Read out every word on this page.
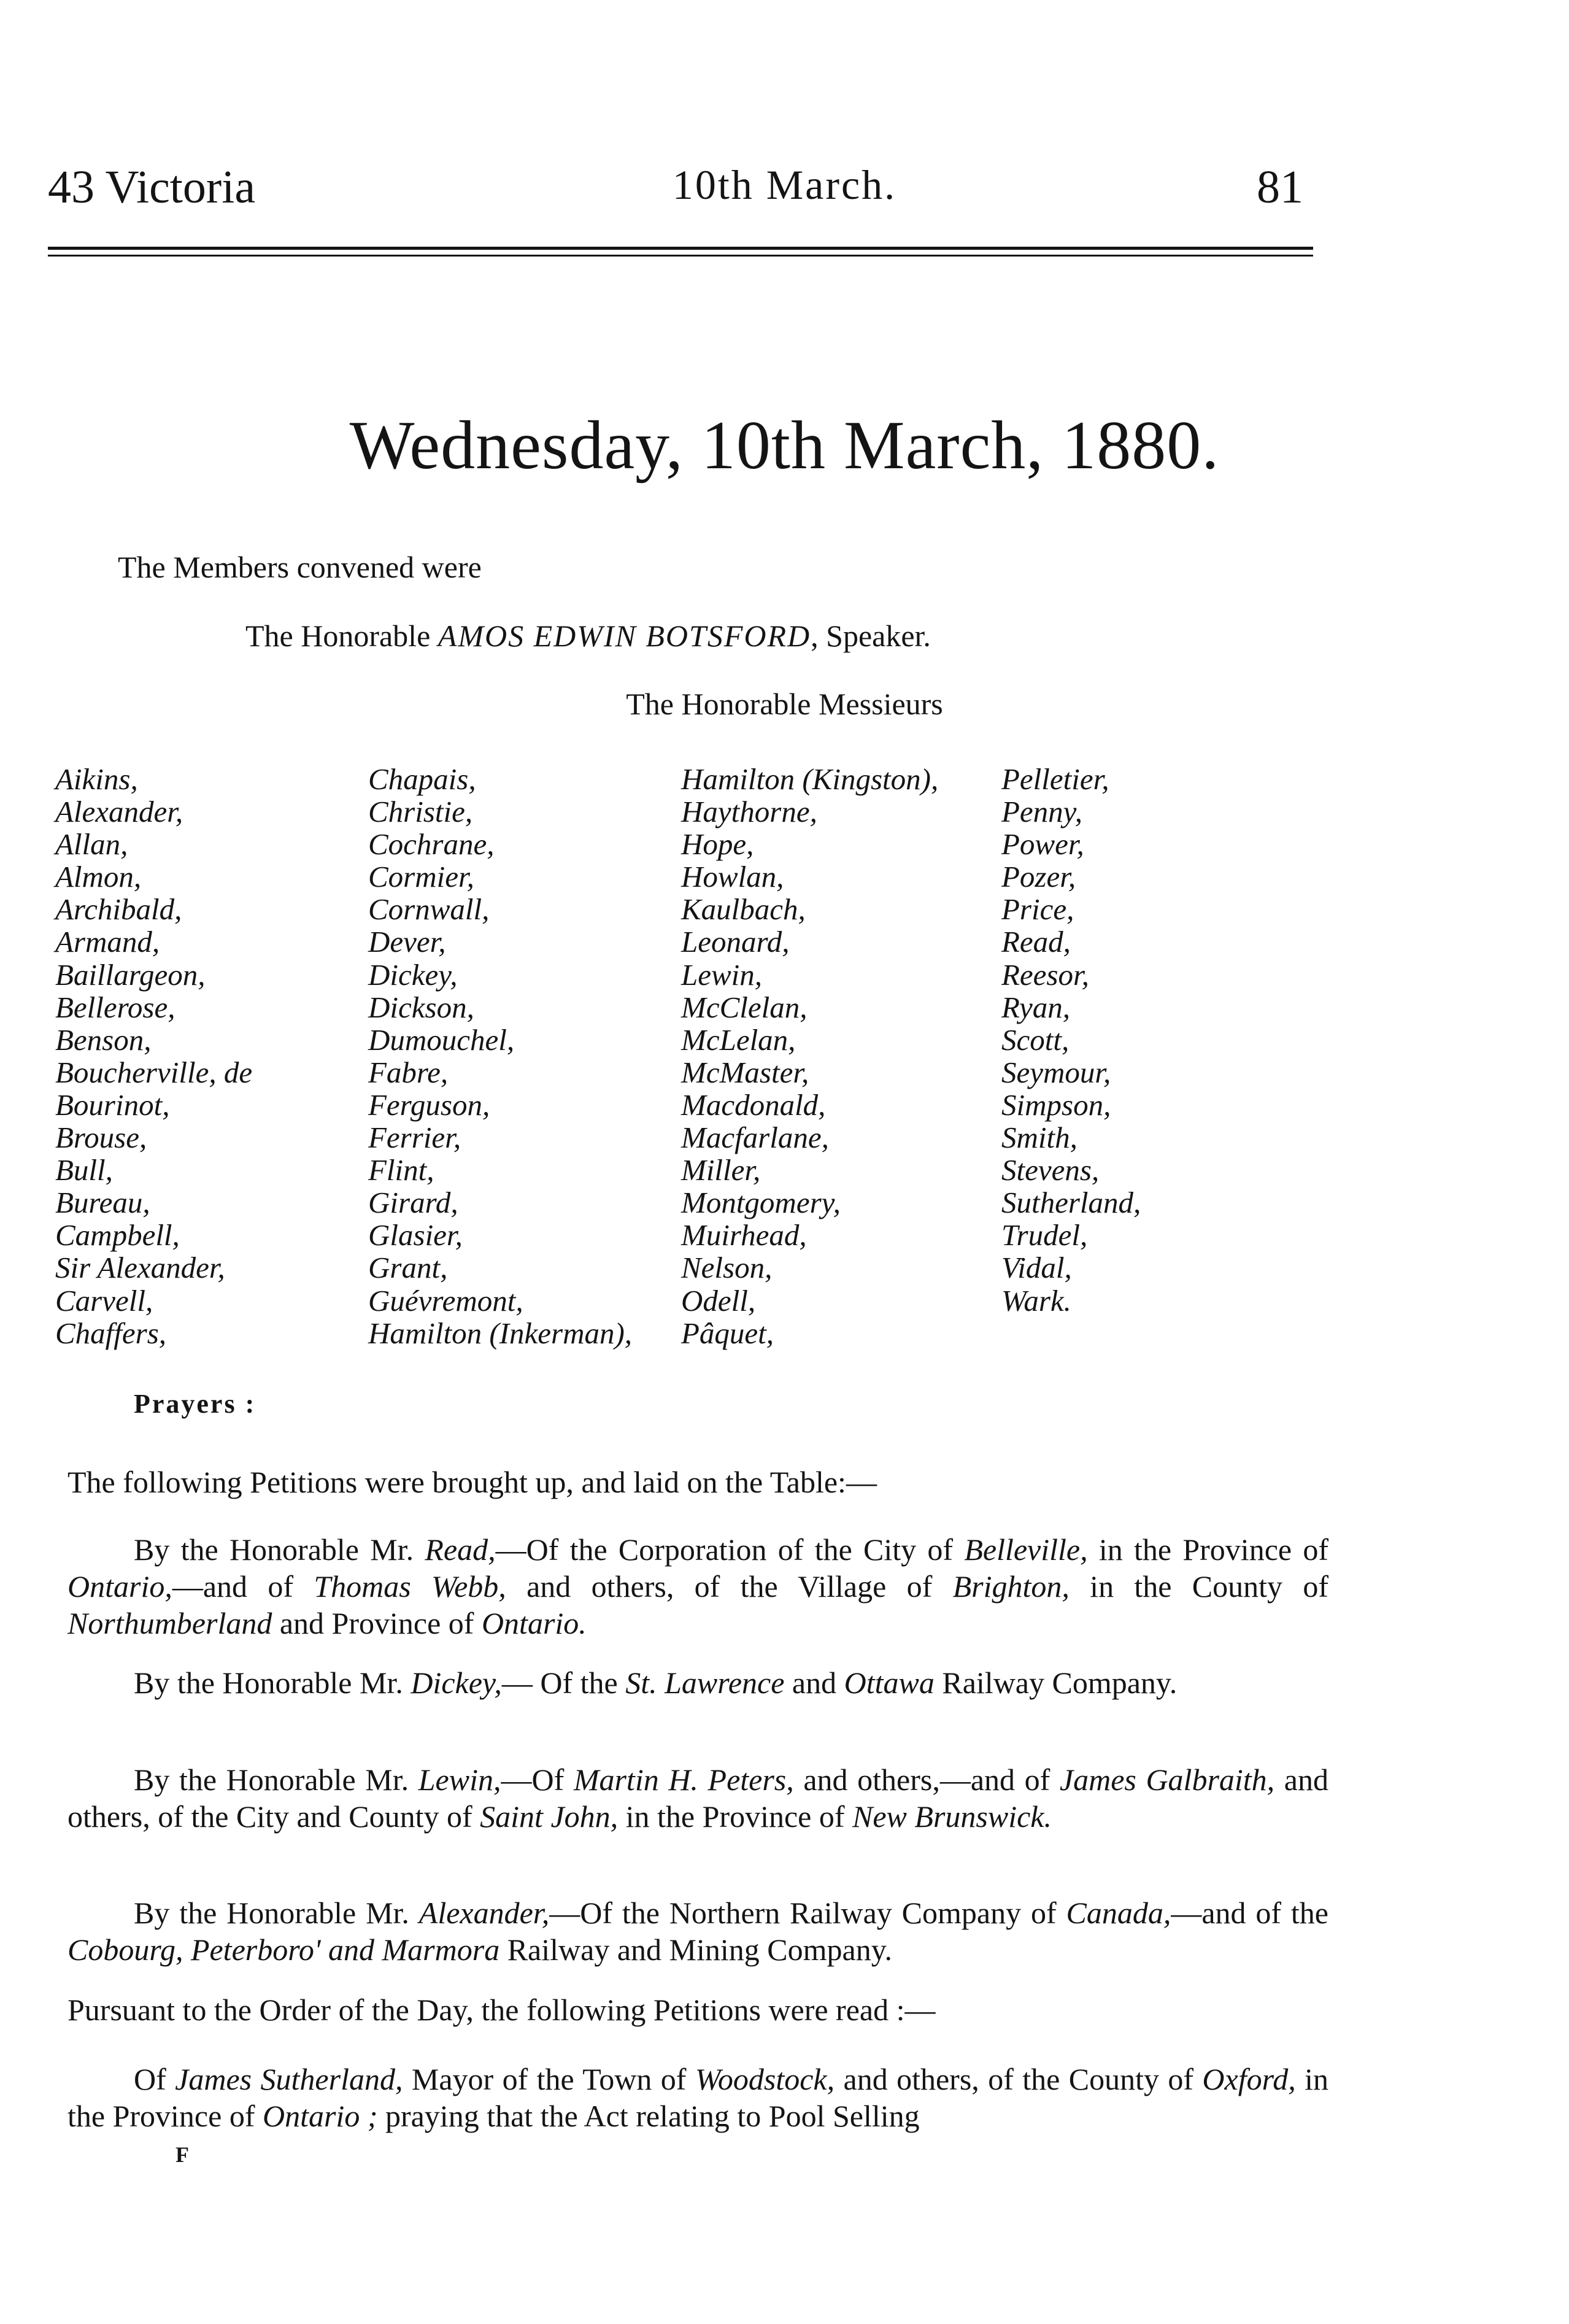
43 Victoria	10th March.	81
Wednesday, 10th March, 1880.
The Members convened were
The Honorable AMOS EDWIN BOTSFORD, Speaker.
The Honorable Messieurs
Aikins,
Alexander,
Allan,
Almon,
Archibald,
Armand,
Baillargeon,
Bellerose,
Benson,
Boucherville, de
Bourinot,
Brouse,
Bull,
Bureau,
Campbell,
Sir Alexander,
Carvell,
Chaffers,
Chapais,
Christie,
Cochrane,
Cormier,
Cornwall,
Dever,
Dickey,
Dickson,
Dumouchel,
Fabre,
Ferguson,
Ferrier,
Flint,
Girard,
Glasier,
Grant,
Guévremont,
Hamilton (Inkerman),
Hamilton (Kingston),
Haythorne,
Hope,
Howlan,
Kaulbach,
Leonard,
Lewin,
McClelan,
McLelan,
McMaster,
Macdonald,
Macfarlane,
Miller,
Montgomery,
Muirhead,
Nelson,
Odell,
Pâquet,
Pelletier,
Penny,
Power,
Pozer,
Price,
Read,
Reesor,
Ryan,
Scott,
Seymour,
Simpson,
Smith,
Stevens,
Sutherland,
Trudel,
Vidal,
Wark.
Prayers :
The following Petitions were brought up, and laid on the Table:—
By the Honorable Mr. Read,—Of the Corporation of the City of Belleville, in the Province of Ontario,—and of Thomas Webb, and others, of the Village of Brighton, in the County of Northumberland and Province of Ontario.
By the Honorable Mr. Dickey,— Of the St. Lawrence and Ottawa Railway Company.
By the Honorable Mr. Lewin,—Of Martin H. Peters, and others,—and of James Galbraith, and others, of the City and County of Saint John, in the Province of New Brunswick.
By the Honorable Mr. Alexander,—Of the Northern Railway Company of Canada,—and of the Cobourg, Peterboro' and Marmora Railway and Mining Company.
Pursuant to the Order of the Day, the following Petitions were read :—
Of James Sutherland, Mayor of the Town of Woodstock, and others, of the County of Oxford, in the Province of Ontario ; praying that the Act relating to Pool Selling
F
